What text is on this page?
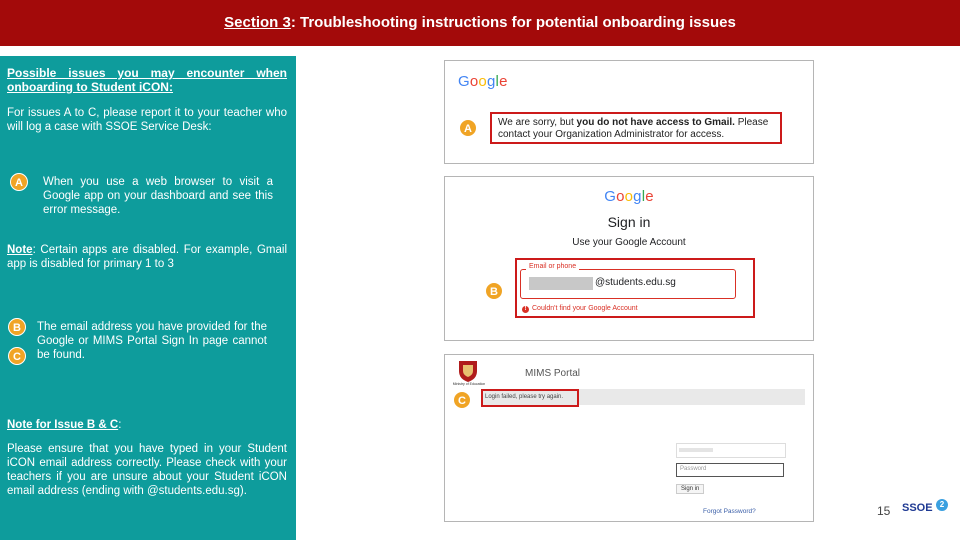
Section 3: Troubleshooting instructions for potential onboarding issues

Possible issues you may encounter when onboarding to Student iCON:

For issues A to C, please report it to your teacher who will log a case with SSOE Service Desk:

A	When you use a web browser to visit a Google app on your dashboard and see this error message.

Note: Certain apps are disabled. For example, Gmail app is disabled for primary 1 to 3

B
C

The email address you have provided for the Google or MIMS Portal Sign In page cannot be found.

Note for Issue B & C:

Please ensure that you have typed in your Student iCON email address correctly. Please check with your teachers if you are unsure about your Student iCON email address (ending with @students.edu.sg).

Google
We are sorry, but you do not have access to Gmail. Please contact your Organization Administrator for access.
A
Google
Sign in
Use your Google Account
@students.edu.sg
Email or phone
! Couldn't find your Google Account
B
Ministry of Education
MIMS Portal
Login failed, please try again.
C
Password
Sign in
Forgot Password?	15 SSOE 2
